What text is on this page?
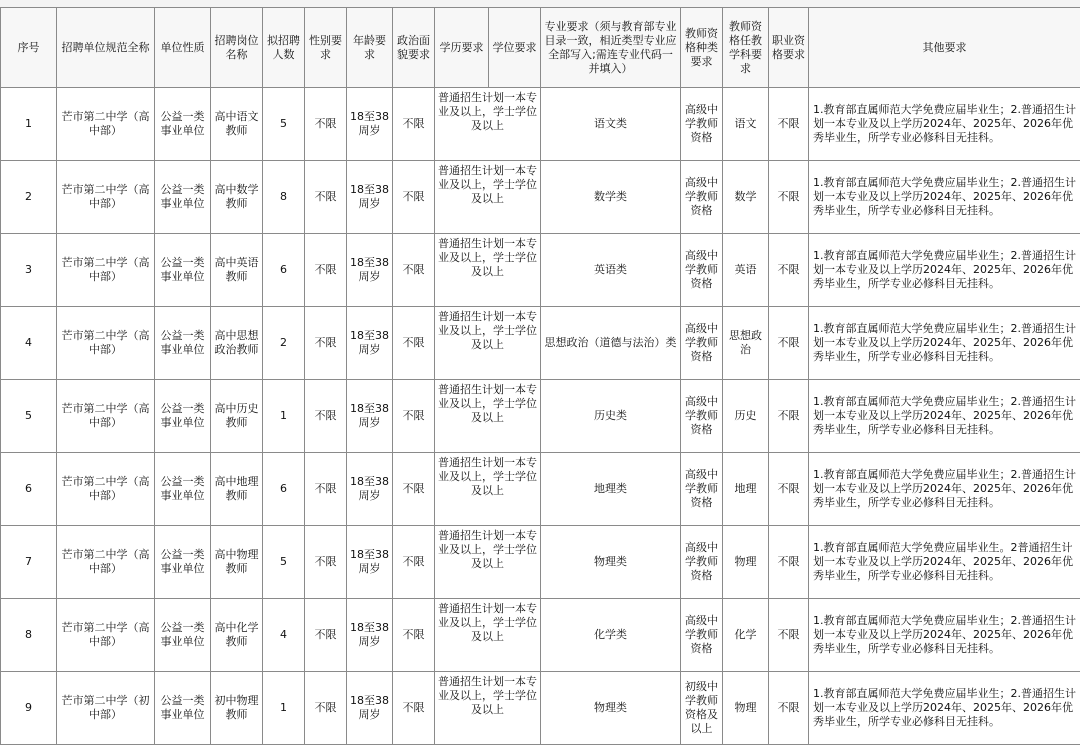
序号	招聘单位规范全称	单位性质	招聘岗位名称	拟招聘人数	性别要求	年龄要求	政治面貌要求	学历要求	学位要求	专业要求（须与教育部专业目录一致，相近类型专业应全部写入;需连专业代码一并填入）	教师资格种类要求	教师资格任教学科要求	职业资格要求	其他要求
1	芒市第二中学（高中部）	公益一类事业单位	高中语文教师	5	不限	18至38周岁	不限	普通招生计划一本专业及以上，学士学位及以上		语文类	高级中学教师资格	语文	不限	1.教育部直属师范大学免费应届毕业生；2.普通招生计划一本专业及以上学历2024年、2025年、2026年优秀毕业生，所学专业必修科目无挂科。
2	芒市第二中学（高中部）	公益一类事业单位	高中数学教师	8	不限	18至38周岁	不限	普通招生计划一本专业及以上，学士学位及以上		数学类	高级中学教师资格	数学	不限	1.教育部直属师范大学免费应届毕业生；2.普通招生计划一本专业及以上学历2024年、2025年、2026年优秀毕业生，所学专业必修科目无挂科。
3	芒市第二中学（高中部）	公益一类事业单位	高中英语教师	6	不限	18至38周岁	不限	普通招生计划一本专业及以上，学士学位及以上		英语类	高级中学教师资格	英语	不限	1.教育部直属师范大学免费应届毕业生；2.普通招生计划一本专业及以上学历2024年、2025年、2026年优秀毕业生，所学专业必修科目无挂科。
4	芒市第二中学（高中部）	公益一类事业单位	高中思想政治教师	2	不限	18至38周岁	不限	普通招生计划一本专业及以上，学士学位及以上		思想政治（道德与法治）类	高级中学教师资格	思想政治	不限	1.教育部直属师范大学免费应届毕业生；2.普通招生计划一本专业及以上学历2024年、2025年、2026年优秀毕业生，所学专业必修科目无挂科。
5	芒市第二中学（高中部）	公益一类事业单位	高中历史教师	1	不限	18至38周岁	不限	普通招生计划一本专业及以上，学士学位及以上		历史类	高级中学教师资格	历史	不限	1.教育部直属师范大学免费应届毕业生；2.普通招生计划一本专业及以上学历2024年、2025年、2026年优秀毕业生，所学专业必修科目无挂科。
6	芒市第二中学（高中部）	公益一类事业单位	高中地理教师	6	不限	18至38周岁	不限	普通招生计划一本专业及以上，学士学位及以上		地理类	高级中学教师资格	地理	不限	1.教育部直属师范大学免费应届毕业生；2.普通招生计划一本专业及以上学历2024年、2025年、2026年优秀毕业生，所学专业必修科目无挂科。
7	芒市第二中学（高中部）	公益一类事业单位	高中物理教师	5	不限	18至38周岁	不限	普通招生计划一本专业及以上，学士学位及以上		物理类	高级中学教师资格	物理	不限	1.教育部直属师范大学免费应届毕业生。2普通招生计划一本专业及以上学历2024年、2025年、2026年优秀毕业生，所学专业必修科目无挂科。
8	芒市第二中学（高中部）	公益一类事业单位	高中化学教师	4	不限	18至38周岁	不限	普通招生计划一本专业及以上，学士学位及以上		化学类	高级中学教师资格	化学	不限	1.教育部直属师范大学免费应届毕业生；2.普通招生计划一本专业及以上学历2024年、2025年、2026年优秀毕业生，所学专业必修科目无挂科。
9	芒市第二中学（初中部）	公益一类事业单位	初中物理教师	1	不限	18至38周岁	不限	普通招生计划一本专业及以上，学士学位及以上		物理类	初级中学教师资格及以上	物理	不限	1.教育部直属师范大学免费应届毕业生；2.普通招生计划一本专业及以上学历2024年、2025年、2026年优秀毕业生，所学专业必修科目无挂科。
